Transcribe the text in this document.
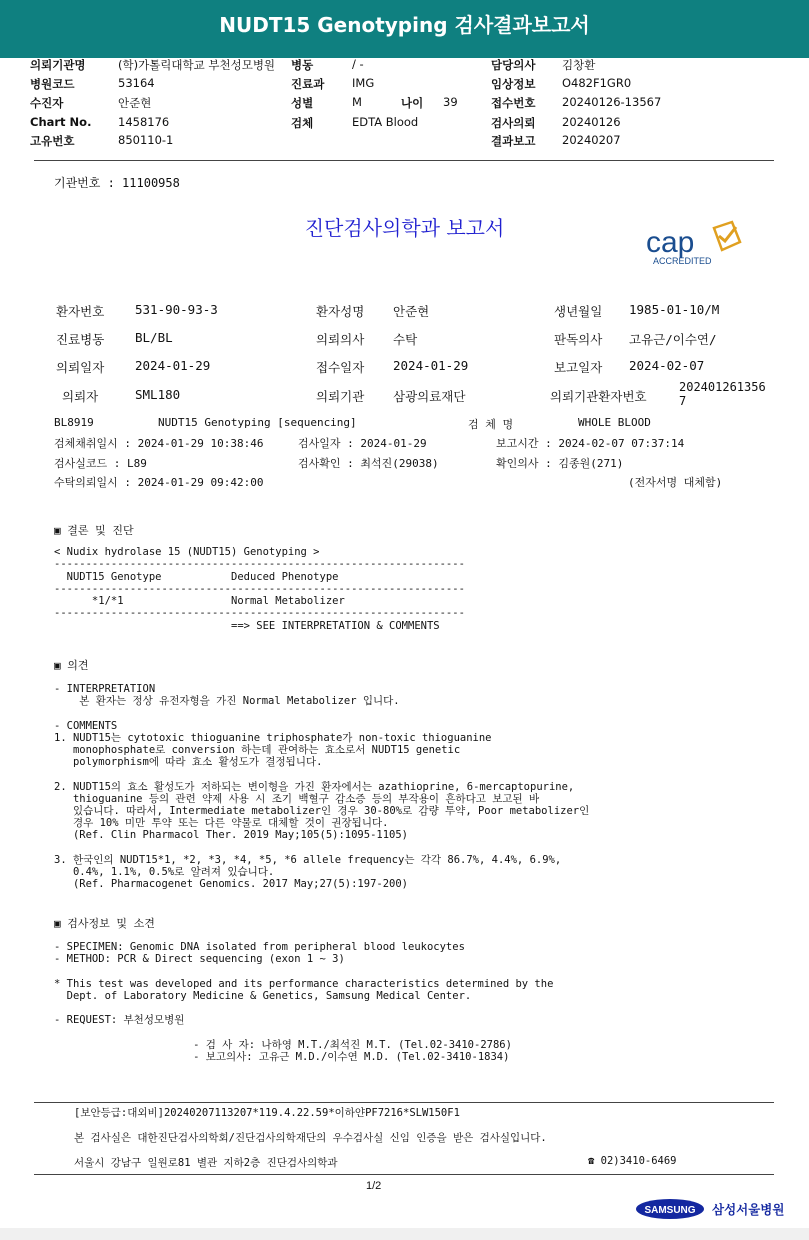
NUDT15 Genotyping 검사결과보고서
의뢰기관명	(학)가톨릭대학교 부천성모병원 병동	/ -	담당의사 김창환
병원코드	53164	진료과 IMG	임상정보 O482F1GR0
수진자	안준현	성별	M	나이 39	접수번호 20240126-13567
Chart No. 1458176	검체	EDTA Blood	검사의뢰 20240126
고유번호	850110-1	결과보고 20240207
기관번호 : 11100958
진단검사의학과 보고서	cap
ACCREDITED
환자번호 531-90-93-3	환자성명 안준현	생년월일 1985-01-10/M
진료병동 BL/BL	의뢰의사 수탁	판독의사 고유근/이수연/
의뢰일자 2024-01-29	접수일자 2024-01-29	보고일자 2024-02-07
의뢰자	SML180	의뢰기관 삼광의료재단	의뢰기관환자번호
2024012613567
BL8919	NUDT15 Genotyping [sequencing]	검 체 명	WHOLE BLOOD
검체채취일시 : 2024-01-29 10:38:46	검사일자 : 2024-01-29	보고시간 : 2024-02-07 07:37:14
검사실코드 : L89	검사확인 : 최석진(29038)	확인의사 : 김종원(271)
수탁의뢰일시 : 2024-01-29 09:42:00	(전자서명 대체함)
▣ 결론 및 진단
< Nudix hydrolase 15 (NUDT15) Genotyping >
-----------------------------------------------------------------
NUDT15 Genotype           Deduced Phenotype
-----------------------------------------------------------------
*1/*1                 Normal Metabolizer
-----------------------------------------------------------------
==> SEE INTERPRETATION & COMMENTS
▣ 의견
- INTERPRETATION
본 환자는 정상 유전자형을 가진 Normal Metabolizer 입니다.

- COMMENTS
1. NUDT15는 cytotoxic thioguanine triphosphate가 non-toxic thioguanine
monophosphate로 conversion 하는데 관여하는 효소로서 NUDT15 genetic
polymorphism에 따라 효소 활성도가 결정됩니다.

2. NUDT15의 효소 활성도가 저하되는 변이형을 가진 환자에서는 azathioprine, 6-mercaptopurine,
thioguanine 등의 관련 약제 사용 시 조기 백혈구 감소증 등의 부작용이 흔하다고 보고된 바
있습니다. 따라서, Intermediate metabolizer인 경우 30-80%로 감량 투약, Poor metabolizer인
경우 10% 미만 투약 또는 다른 약물로 대체할 것이 권장됩니다.
(Ref. Clin Pharmacol Ther. 2019 May;105(5):1095-1105)

3. 한국인의 NUDT15*1, *2, *3, *4, *5, *6 allele frequency는 각각 86.7%, 4.4%, 6.9%,
0.4%, 1.1%, 0.5%로 알려져 있습니다.
(Ref. Pharmacogenet Genomics. 2017 May;27(5):197-200)
▣ 검사정보 및 소견
- SPECIMEN: Genomic DNA isolated from peripheral blood leukocytes
- METHOD: PCR & Direct sequencing (exon 1 ~ 3)

* This test was developed and its performance characteristics determined by the
Dept. of Laboratory Medicine & Genetics, Samsung Medical Center.

- REQUEST: 부천성모병원

- 검 사 자: 나하영 M.T./최석진 M.T. (Tel.02-3410-2786)
- 보고의사: 고유근 M.D./이수연 M.D. (Tel.02-3410-1834)
[보안등급:대외비]20240207113207*119.4.22.59*이하얀PF7216*SLW150F1
본 검사실은 대한진단검사의학회/진단검사의학재단의 우수검사실 신임 인증을 받은 검사실입니다.
서울시 강남구 일원로81 별관 지하2층 진단검사의학과	☎ 02)3410-6469
1/2
SAMSUNG 삼성서울병원
